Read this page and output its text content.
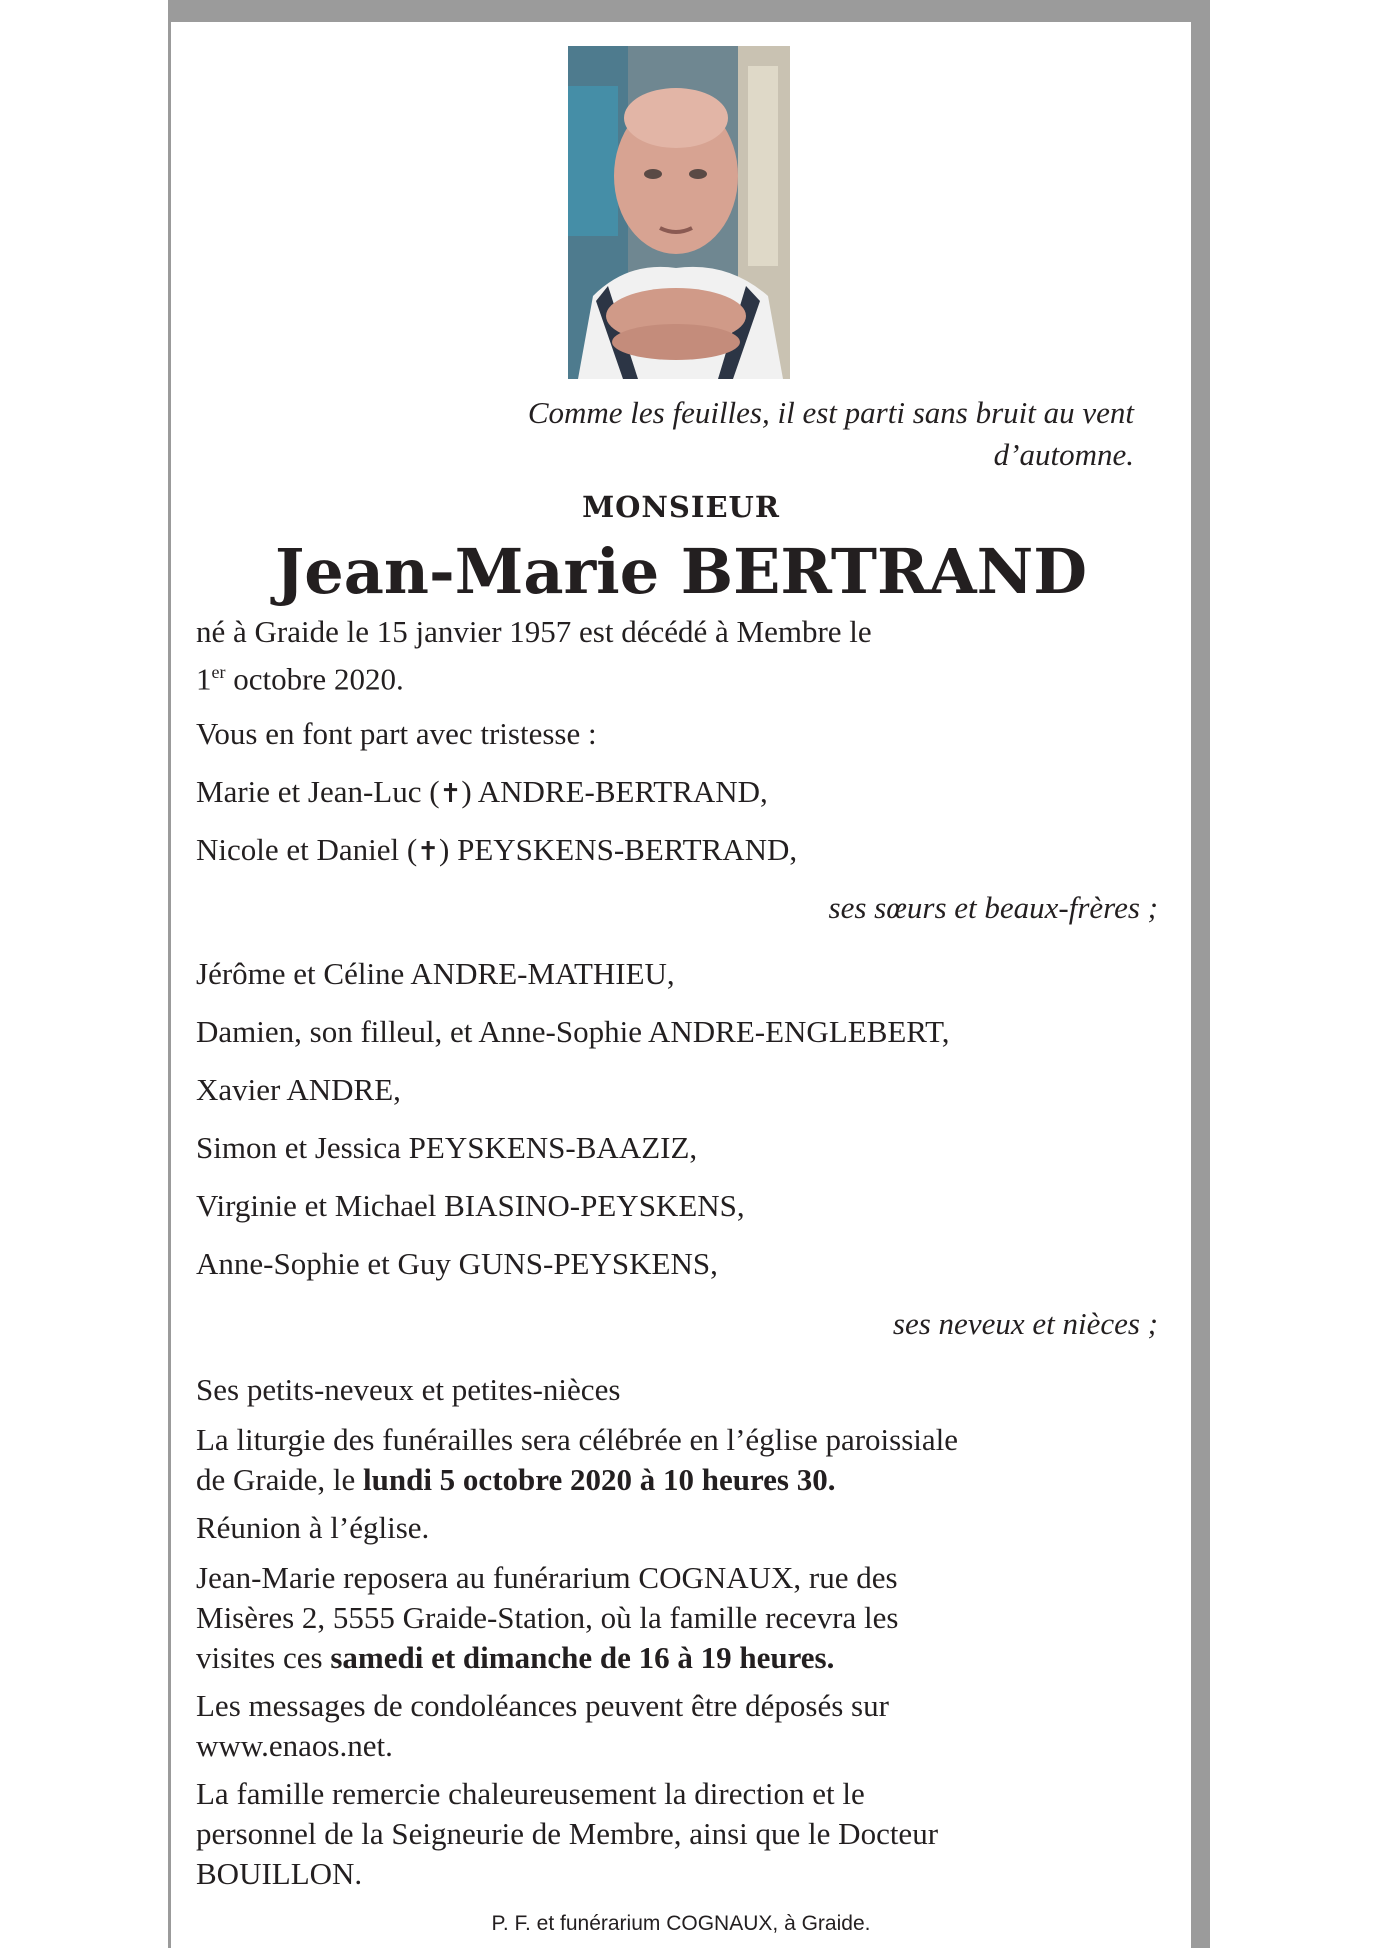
Comme les feuilles, il est parti sans bruit au vent
d’automne.
MONSIEUR
Jean-Marie BERTRAND
né à Graide le 15 janvier 1957 est décédé à Membre le
1er octobre 2020.
Vous en font part avec tristesse :
Marie et Jean-Luc (✝) ANDRE-BERTRAND,
Nicole et Daniel (✝) PEYSKENS-BERTRAND,
ses sœurs et beaux-frères ;
Jérôme et Céline ANDRE-MATHIEU,
Damien, son filleul, et Anne-Sophie ANDRE-ENGLEBERT,
Xavier ANDRE,
Simon et Jessica PEYSKENS-BAAZIZ,
Virginie et Michael BIASINO-PEYSKENS,
Anne-Sophie et Guy GUNS-PEYSKENS,
ses neveux et nièces ;
Ses petits-neveux et petites-nièces
La liturgie des funérailles sera célébrée en l’église paroissiale
de Graide, le lundi 5 octobre 2020 à 10 heures 30.
Réunion à l’église.
Jean-Marie reposera au funérarium COGNAUX, rue des
Misères 2, 5555 Graide-Station, où la famille recevra les
visites ces samedi et dimanche de 16 à 19 heures.
Les messages de condoléances peuvent être déposés sur
www.enaos.net.
La famille remercie chaleureusement la direction et le
personnel de la Seigneurie de Membre, ainsi que le Docteur
BOUILLON.
P. F. et funérarium COGNAUX, à Graide.
